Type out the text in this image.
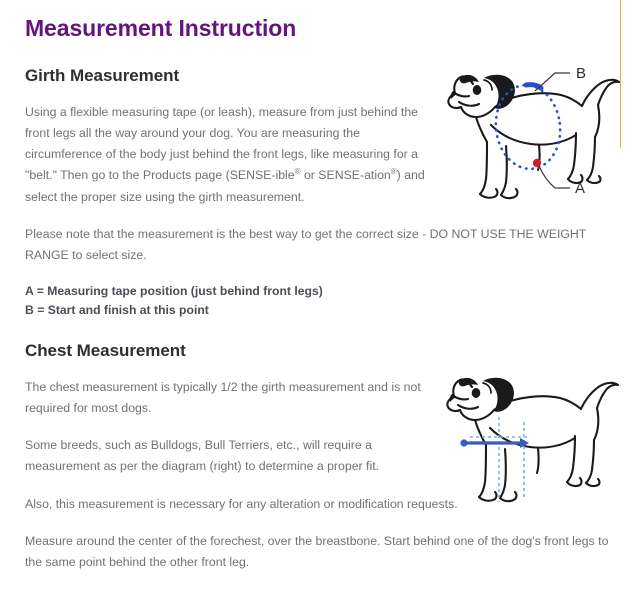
Measurement Instruction
Girth Measurement

Using a flexible measuring tape (or leash), measure from just behind the front legs all the way around your dog. You are measuring the circumference of the body just behind the front legs, like measuring for a "belt." Then go to the Products page (SENSE-ible® or SENSE-ation®) and select the proper size using the girth measurement.

Please note that the measurement is the best way to get the correct size - DO NOT USE THE WEIGHT RANGE to select size.

A = Measuring tape position (just behind front legs)
B = Start and finish at this point
Chest Measurement

The chest measurement is typically 1/2 the girth measurement and is not required for most dogs.

Some breeds, such as Bulldogs, Bull Terriers, etc., will require a measurement as per the diagram (right) to determine a proper fit.

Also, this measurement is necessary for any alteration or modification requests.

Measure around the center of the forechest, over the breastbone. Start behind one of the dog's front legs to the same point behind the other front leg.

B
A
